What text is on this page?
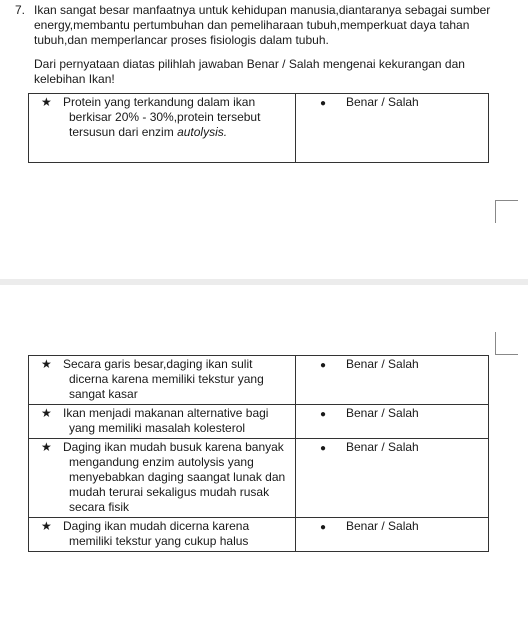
7. Ikan sangat besar manfaatnya untuk kehidupan manusia,diantaranya sebagai sumber energy,membantu pertumbuhan dan pemeliharaan tubuh,memperkuat daya tahan tubuh,dan memperlancar proses fisiologis dalam tubuh.
Dari pernyataan diatas pilihlah jawaban Benar / Salah mengenai kekurangan dan kelebihan Ikan!
★ Protein yang terkandung dalam ikan berkisar 20% - 30%,protein tersebut tersusun dari enzim autolysis.	● Benar / Salah
★ Secara garis besar,daging ikan sulit dicerna karena memiliki tekstur yang sangat kasar	● Benar / Salah
★ Ikan menjadi makanan alternative bagi yang memiliki masalah kolesterol	● Benar / Salah
★ Daging ikan mudah busuk karena banyak mengandung enzim autolysis yang menyebabkan daging saangat lunak dan mudah terurai sekaligus mudah rusak secara fisik	● Benar / Salah
★ Daging ikan mudah dicerna karena memiliki tekstur yang cukup halus	● Benar / Salah
